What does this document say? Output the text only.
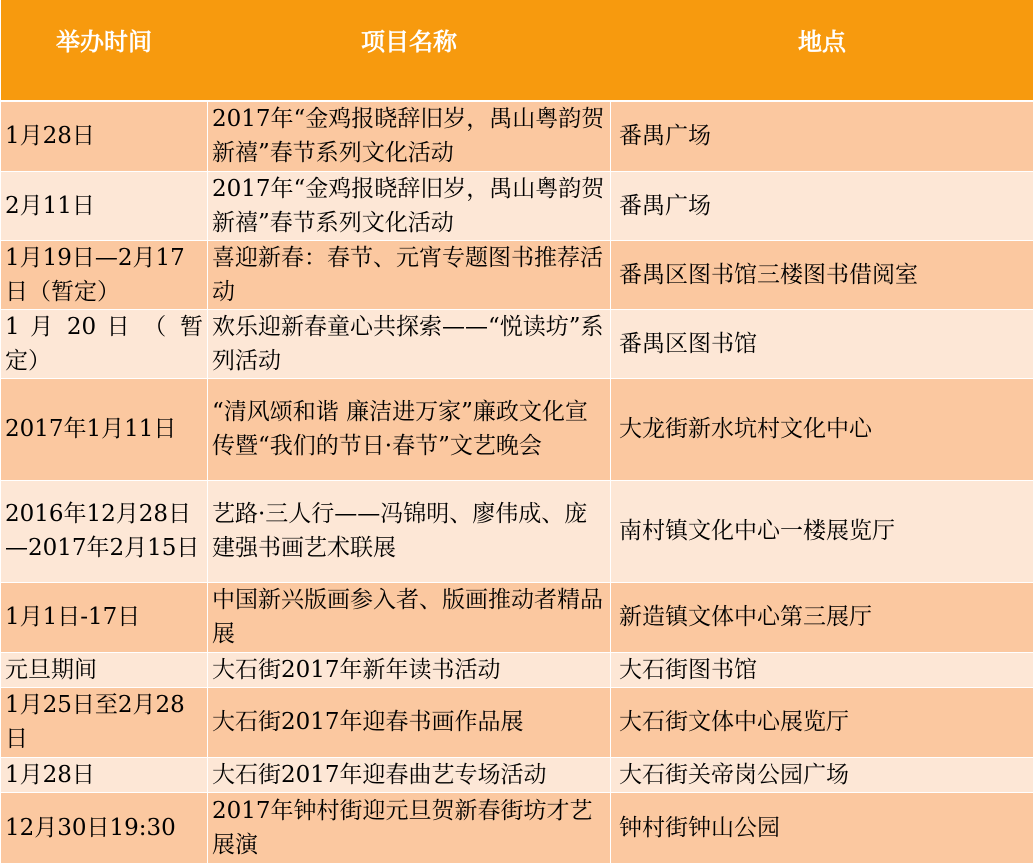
举办时间	项目名称	地点
1月28日	2017年“金鸡报晓辞旧岁，禺山粤韵贺新禧”春节系列文化活动	番禺广场
2月11日	2017年“金鸡报晓辞旧岁，禺山粤韵贺新禧”春节系列文化活动	番禺广场
1月19日—2月17日（暂定）	喜迎新春：春节、元宵专题图书推荐活动	番禺区图书馆三楼图书借阅室
1 月 20 日 （ 暂定）	欢乐迎新春童心共探索——“悦读坊”系列活动	番禺区图书馆
2017年1月11日	“清风颂和谐 廉洁进万家”廉政文化宣传暨“我们的节日·春节”文艺晚会	大龙街新水坑村文化中心
2016年12月28日—2017年2月15日	艺路·三人行——冯锦明、廖伟成、庞建强书画艺术联展	南村镇文化中心一楼展览厅
1月1日-17日	中国新兴版画参入者、版画推动者精品展	新造镇文体中心第三展厅
元旦期间	大石街2017年新年读书活动	大石街图书馆
1月25日至2月28日	大石街2017年迎春书画作品展	大石街文体中心展览厅
1月28日	大石街2017年迎春曲艺专场活动	大石街关帝岗公园广场
12月30日19:30	2017年钟村街迎元旦贺新春街坊才艺展演	钟村街钟山公园
